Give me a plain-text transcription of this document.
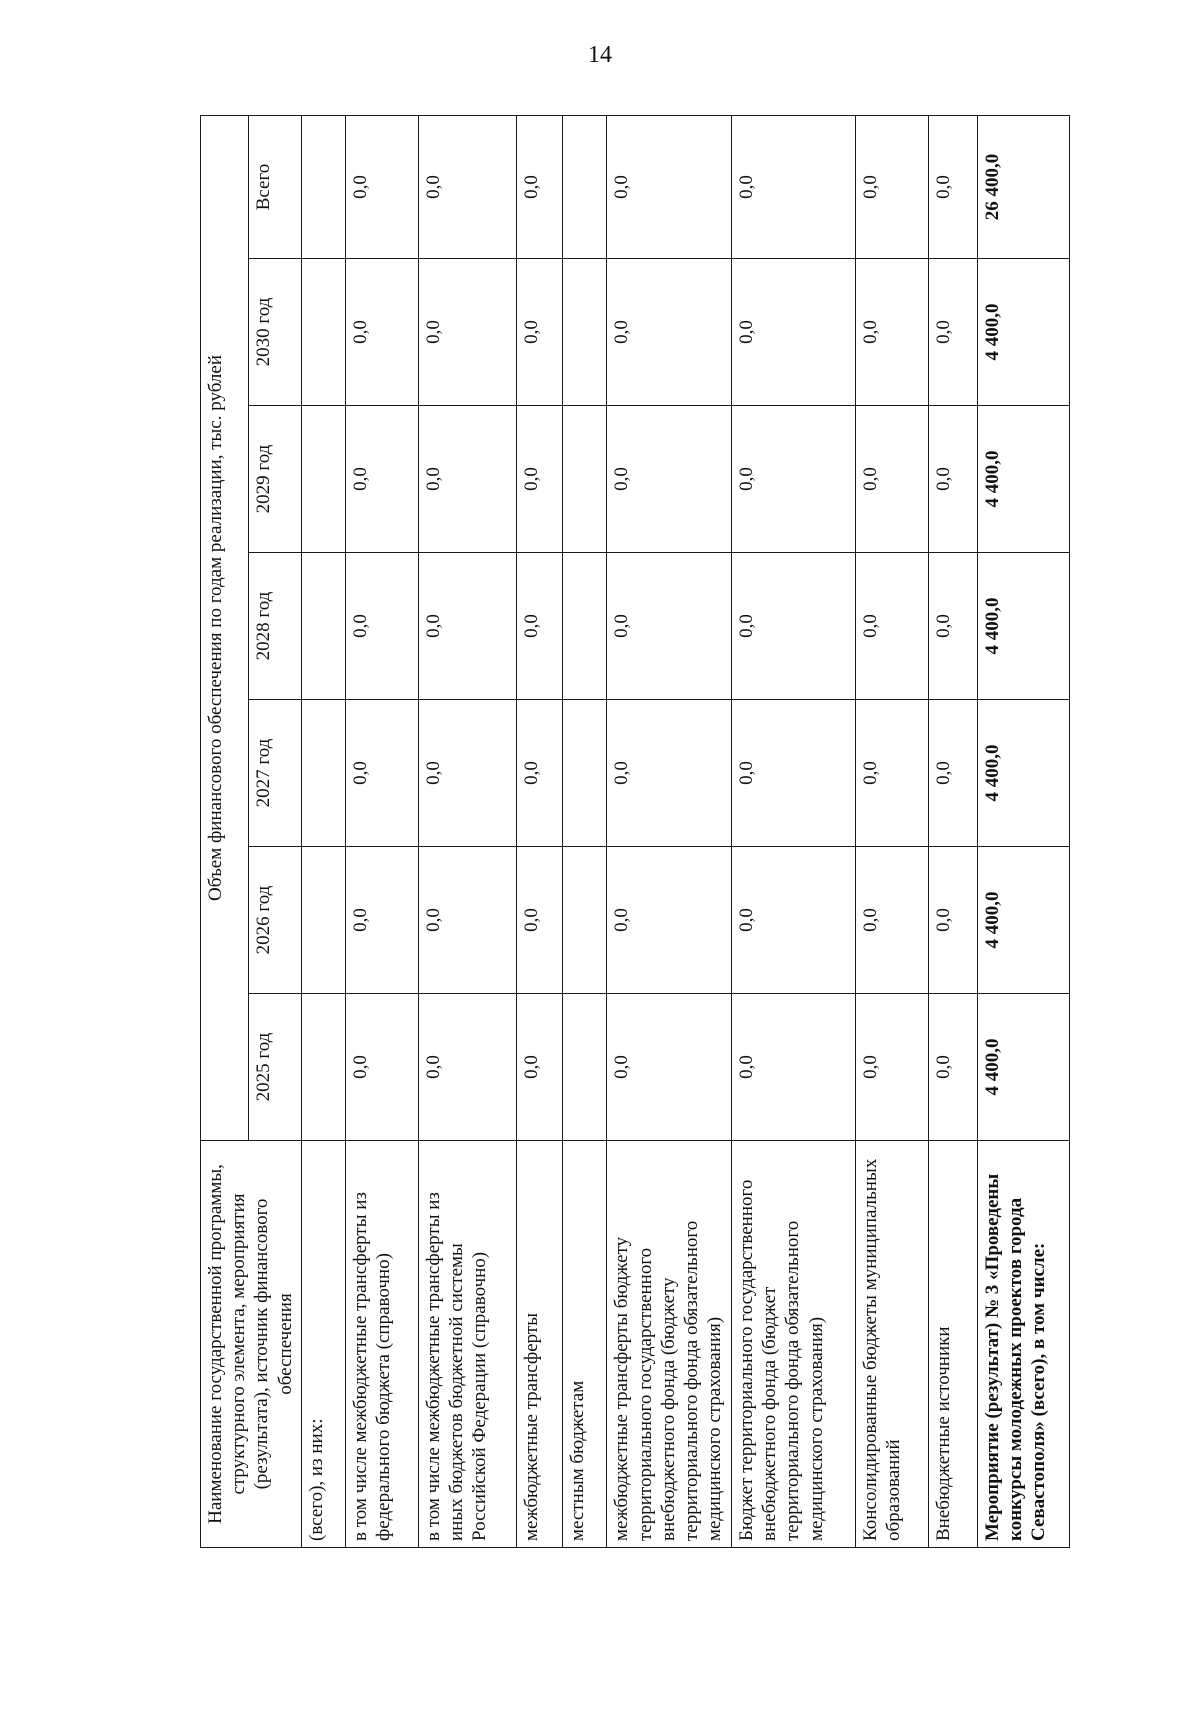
14
Наименование государственной программы, структурного элемента, мероприятия (результата), источник финансового обеспечения	Объем финансового обеспечения по годам реализации, тыс. рублей						
	2025 год	2026 год	2027 год	2028 год	2029 год	2030 год	Всего
(всего), из них:							
в том числе межбюджетные трансферты из федерального бюджета (справочно)	0,0	0,0	0,0	0,0	0,0	0,0	0,0
в том числе межбюджетные трансферты из иных бюджетов бюджетной системы Российской Федерации (справочно)	0,0	0,0	0,0	0,0	0,0	0,0	0,0
межбюджетные трансферты	0,0	0,0	0,0	0,0	0,0	0,0	0,0
местным бюджетам							
межбюджетные трансферты бюджету территориального государственного внебюджетного фонда (бюджету территориального фонда обязательного медицинского страхования)	0,0	0,0	0,0	0,0	0,0	0,0	0,0
Бюджет территориального государственного внебюджетного фонда (бюджет территориального фонда обязательного медицинского страхования)	0,0	0,0	0,0	0,0	0,0	0,0	0,0
Консолидированные бюджеты муниципальных образований	0,0	0,0	0,0	0,0	0,0	0,0	0,0
Внебюджетные источники	0,0	0,0	0,0	0,0	0,0	0,0	0,0
Мероприятие (результат) № 3 «Проведены конкурсы молодежных проектов города Севастополя» (всего), в том числе:	4 400,0	4 400,0	4 400,0	4 400,0	4 400,0	4 400,0	26 400,0
